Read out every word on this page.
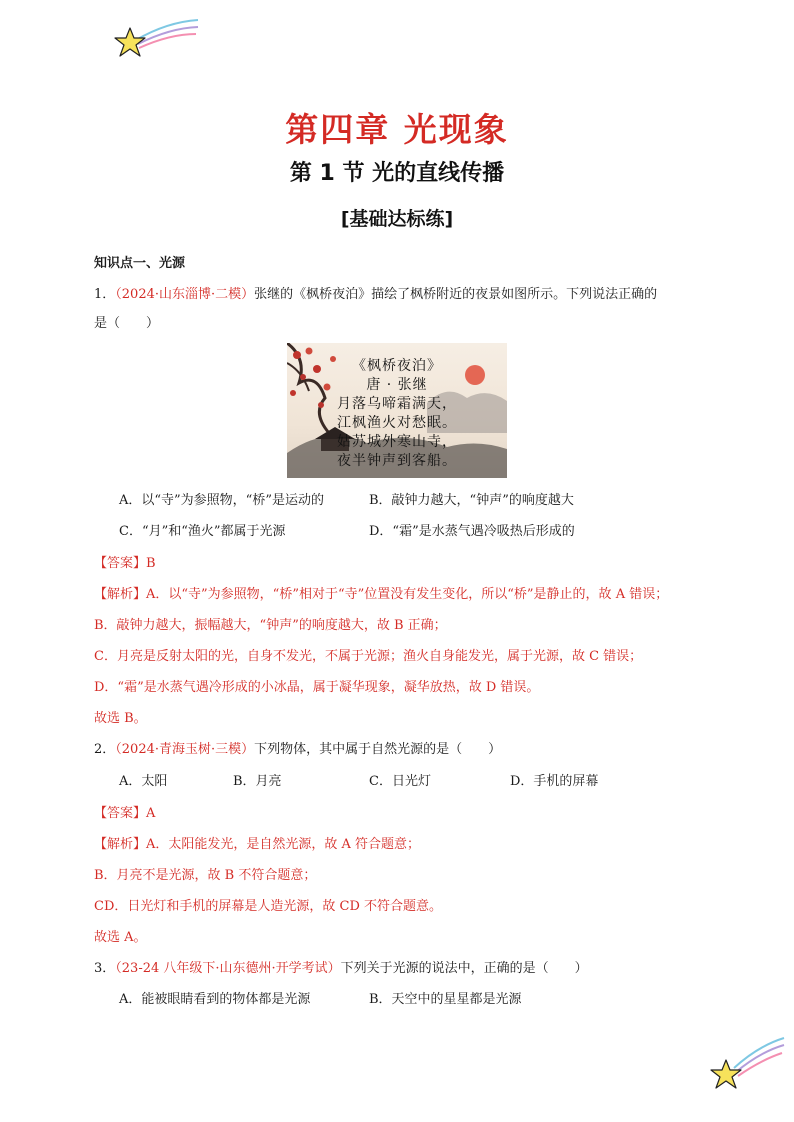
第四章 光现象
第 1 节 光的直线传播
[基础达标练]
知识点一、光源
1．（2024·山东淄博·二模）张继的《枫桥夜泊》描绘了枫桥附近的夜景如图所示。下列说法正确的
是（　　）
《枫桥夜泊》
唐 · 张继
月落乌啼霜满天，
江枫渔火对愁眠。
姑苏城外寒山寺，
夜半钟声到客船。
A．以“寺”为参照物，“桥”是运动的	B．敲钟力越大，“钟声”的响度越大
C．“月”和“渔火”都属于光源	D．“霜”是水蒸气遇冷吸热后形成的
【答案】B
【解析】A．以“寺”为参照物，“桥”相对于“寺”位置没有发生变化，所以“桥”是静止的，故 A 错误；
B．敲钟力越大，振幅越大，“钟声”的响度越大，故 B 正确；
C．月亮是反射太阳的光，自身不发光，不属于光源；渔火自身能发光，属于光源，故 C 错误；
D．“霜”是水蒸气遇冷形成的小冰晶，属于凝华现象，凝华放热，故 D 错误。
故选 B。
2．（2024·青海玉树·三模）下列物体，其中属于自然光源的是（　　）
A．太阳	B．月亮	C．日光灯	D．手机的屏幕
【答案】A
【解析】A．太阳能发光，是自然光源，故 A 符合题意；
B．月亮不是光源，故 B 不符合题意；
CD．日光灯和手机的屏幕是人造光源，故 CD 不符合题意。
故选 A。
3．（23-24 八年级下·山东德州·开学考试）下列关于光源的说法中，正确的是（　　）
A．能被眼睛看到的物体都是光源	B．天空中的星星都是光源
